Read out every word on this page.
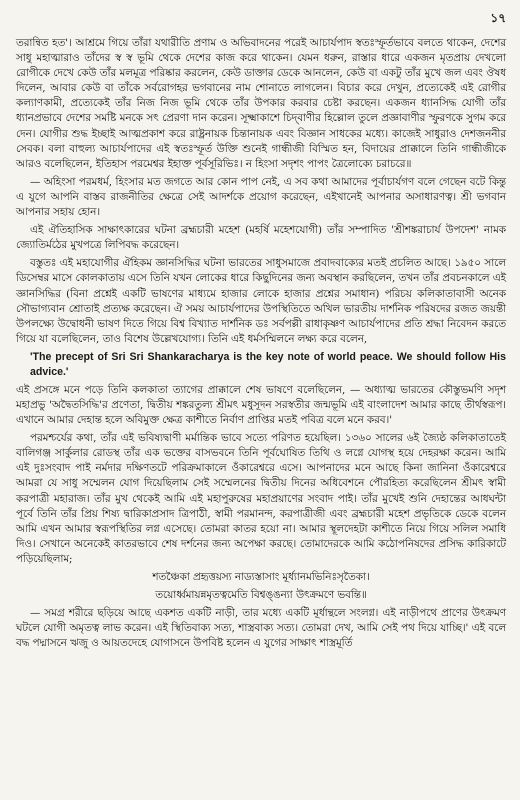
১৭

তরান্বিত হত'। আশ্রমে গিয়ে তাঁরা যথারীতি প্রণাম ও অভিবাদনের পরেই আচার্যপাদ স্বতঃস্ফূর্তভাবে বলতে থাকেন, দেশের সাধু মহাত্মারাও তাঁদের স্ব স্ব ভূমি থেকে দেশের কাজ করে থাকেন। যেমন ধরুন, রাস্তার ধারে একজন মৃতপ্রায় দেখলো রোগীকে দেখে কেউ তাঁর মলমূত্র পরিষ্কার করলেন, কেউ ডাক্তার ডেকে আনলেন, কেউ বা একটু তাঁর মুখে জল এবং ঔষধ দিলেন, আবার কেউ বা তাঁকে সর্বরোগহর ভগবানের নাম শোনাতে লাগলেন। বিচার করে দেখুন, প্রত্যেকেই এই রোগীর কল্যাণকামী, প্রত্যেকেই তাঁর নিজ নিজ ভূমি থেকে তাঁর উপকার করবার চেষ্টা করছেন। একজন ধ্যানসিদ্ধ যোগী তাঁর ধ্যানপ্রভাবে দেশের সমষ্টি মনকে সৎ প্রেরণা দান করেন। সূক্ষ্মাকাশে চিদ্‌বাণীর হিল্লোল তুলে প্রজ্ঞাবাণীর স্ফুরণকে সুগম করে দেন। যোগীর শুদ্ধ ইচ্ছাই আত্মপ্রকাশ করে রাষ্ট্রনায়ক চিন্তানায়ক এবং বিজ্ঞান সাধকের মধ্যে। কাজেই সাধুরাও দেশজননীর সেবক। বলা বাহুল্য আচার্যপাদের এই স্বতঃস্ফূর্ত উক্তি শুনেই গান্ধীজী বিস্মিত হন, বিদায়ের প্রাক্কালে তিনি গান্ধীজীকে আরও বলেছিলেন, ইতিহাস পরমেশ্বর ইহাক্ত পূর্বসূরিভিঃ। ন হিংসা সদৃশং পাপং ত্রৈলোক্যে চরাচরে॥

— অহিংসা পরমধর্ম, হিংসার মত জগতে আর কোন পাপ নেই, এ সব কথা আমাদের পূর্বাচার্যগণ বলে গেছেন বটে কিন্তু এ যুগে আপনি বাস্তব রাজনীতির ক্ষেত্রে সেই আদর্শকে প্রয়োগ করেছেন, এইখানেই আপনার অসাধারণত্ব। শ্রী ভগবান আপনার সহায় হোন।

এই ঐতিহাসিক সাক্ষাৎকারের ঘটনা ব্রহ্মচারী মহেশ (মহর্ষি মহেশযোগী) তাঁর সম্পাদিত 'শ্রীশঙ্করাচার্য উপদেশ' নামক জ্যোতির্মঠের মুখপত্রে লিপিবদ্ধ করেছেন।

বস্তুতঃ এই মহাযোগীর ঐহিকম জ্ঞানসিদ্ধির ঘটনা ভারতের সাধুসমাজে প্রবাদবাক্যের মতই প্রচলিত আছে। ১৯৫০ সালে ডিসেম্বর মাসে কোলকাতায় এসে তিনি যখন লোকের ধারে কিছুদিনের জন্য অবস্থান করছিলেন, তখন তাঁর প্রবচনকালে এই জ্ঞানসিদ্ধির (বিনা প্রশ্নেই একটি ভাষণের মাধ্যমে হাজার লোকে হাজার প্রশ্নের সমাধান) পরিচয় কলিকাতাবাসী অনেক সৌভাগ্যবান শ্রোতাই প্রত্যক্ষ করেছেন। ঐ সময় আচার্যপাদের উপস্থিতিতে অখিল ভারতীয় দার্শনিক পরিষদের রজত জয়ন্তী উপলক্ষ্যে উদ্বোধনী ভাষণ দিতে গিয়ে বিশ্ব বিখ্যাত দার্শনিক ডঃ সর্বপল্লী রাধাকৃষ্ণণ আচার্যপাদের প্রতি শ্রদ্ধা নিবেদন করতে গিয়ে যা বলেছিলেন, তাও বিশেষ উল্লেখযোগ্য। তিনি এই ধর্মসম্মিলনে লক্ষ্য করে বলেন,

'The precept of Sri Sri Shankaracharya is the key note of world peace. We should follow His advice.'

এই প্রসঙ্গে মনে পড়ে তিনি কলকাতা ত্যাগের প্রাক্কালে শেষ ভাষণে বলেছিলেন, — অধ্যাত্ম ভারতের কৌস্তুভমণি সদৃশ মহাপ্রভু 'অদ্বৈতসিদ্ধি'র প্রণেতা, দ্বিতীয় শঙ্করতুল্য শ্রীমৎ মধুসূদন সরস্বতীর জন্মভূমি এই বাংলাদেশ আমার কাছে তীর্থস্বরূপ। এখানে আমার দেহান্ত হলে অবিমুক্ত ক্ষেত্র কাশীতে নির্বাণ প্রাপ্তির মতই পবিত্র বলে মনে করব।'

পরমশ্চর্যের কথা, তাঁর এই ভবিষ্যদ্বাণী মর্মান্তিক ভাবে সত্যে পরিণত হয়েছিল। ১৩৬০ সালের ৬ই জ্যৈষ্ঠ কলিকাতাতেই বালিগঞ্জ সার্কুলার রোডস্থ তাঁর এক ভক্তের বাসভবনে তিনি পূর্বঘোষিত তিথি ও লগ্নে যোগস্থ হয়ে দেহরক্ষা করেন। আমি এই দুঃসংবাদ পাই নর্মদার দক্ষিণতটে পরিক্রমাকালে ওঁকারেশ্বরে এসে। আপনাদের মনে আছে কিনা জানিনা ওঁকারেশ্বরে আমরা যে সাধু সম্মেলন যোগ দিয়েছিলাম সেই সম্মেলনের দ্বিতীয় দিনের অধিবেশনে পৌরহিত্য করেছিলেন শ্রীমৎ স্বামী করপাত্রী মহারাজ। তাঁর মুখ থেকেই আমি এই মহাপুরুষের মহাপ্রয়াণের সংবাদ পাই। তাঁর মুখেই শুনি দেহান্তের আধঘন্টা পূর্বে তিনি তাঁর প্রিয় শিষ্য দ্বারিকাপ্রসাদ ত্রিপাঠী, স্বামী পরমানন্দ, করপাত্রীজী এবং ব্রহ্মচারী মহেশ প্রভৃতিকে ডেকে বলেন আমি এখন আমার স্বরূপস্থিতির লগ্ন এসেছে। তোমরা কাতর হয়ো না। আমার স্থূলদেহটা কাশীতে নিয়ে গিয়ে সলিল সমাধি দিও। সেখানে অনেকেই কাতরভাবে শেষ দর্শনের জন্য অপেক্ষা করছে। তোমাদেরকে আমি কঠোপনিষদের প্রসিদ্ধ কারিকাটে পড়িয়েছিলাম;

শতঞ্চৈকা প্রহৃত্তয়স্য নাড্যস্তাসাং মূর্ধ্যানমভিনিঃসৃতৈকা।

তয়োর্ধ্বমায়ন্নমৃতত্বমেতি বিশ্বঙ্ঙন্যা উৎক্রমণে ভবন্তি॥

— সমগ্র শরীরে ছড়িয়ে আছে একশত একটি নাড়ী, তার মধ্যে একটি মূর্ধান্থলে সংলগ্ন। এই নাড়ীপথে প্রাণের উৎক্রমণ ঘটলে যোগী অমৃতত্ব লাভ করেন। এই স্থিতিবাক্য সত্য, শাস্ত্রবাক্য সত্য। তোমরা দেখ, আমি সেই পথ দিয়ে যাচ্ছি।' এই বলে বদ্ধ পদ্মাসনে ঋজু ও আয়তদেহে যোগাসনে উপবিষ্ট হলেন এ যুগের সাক্ষাৎ শাস্ত্রমূর্তি
